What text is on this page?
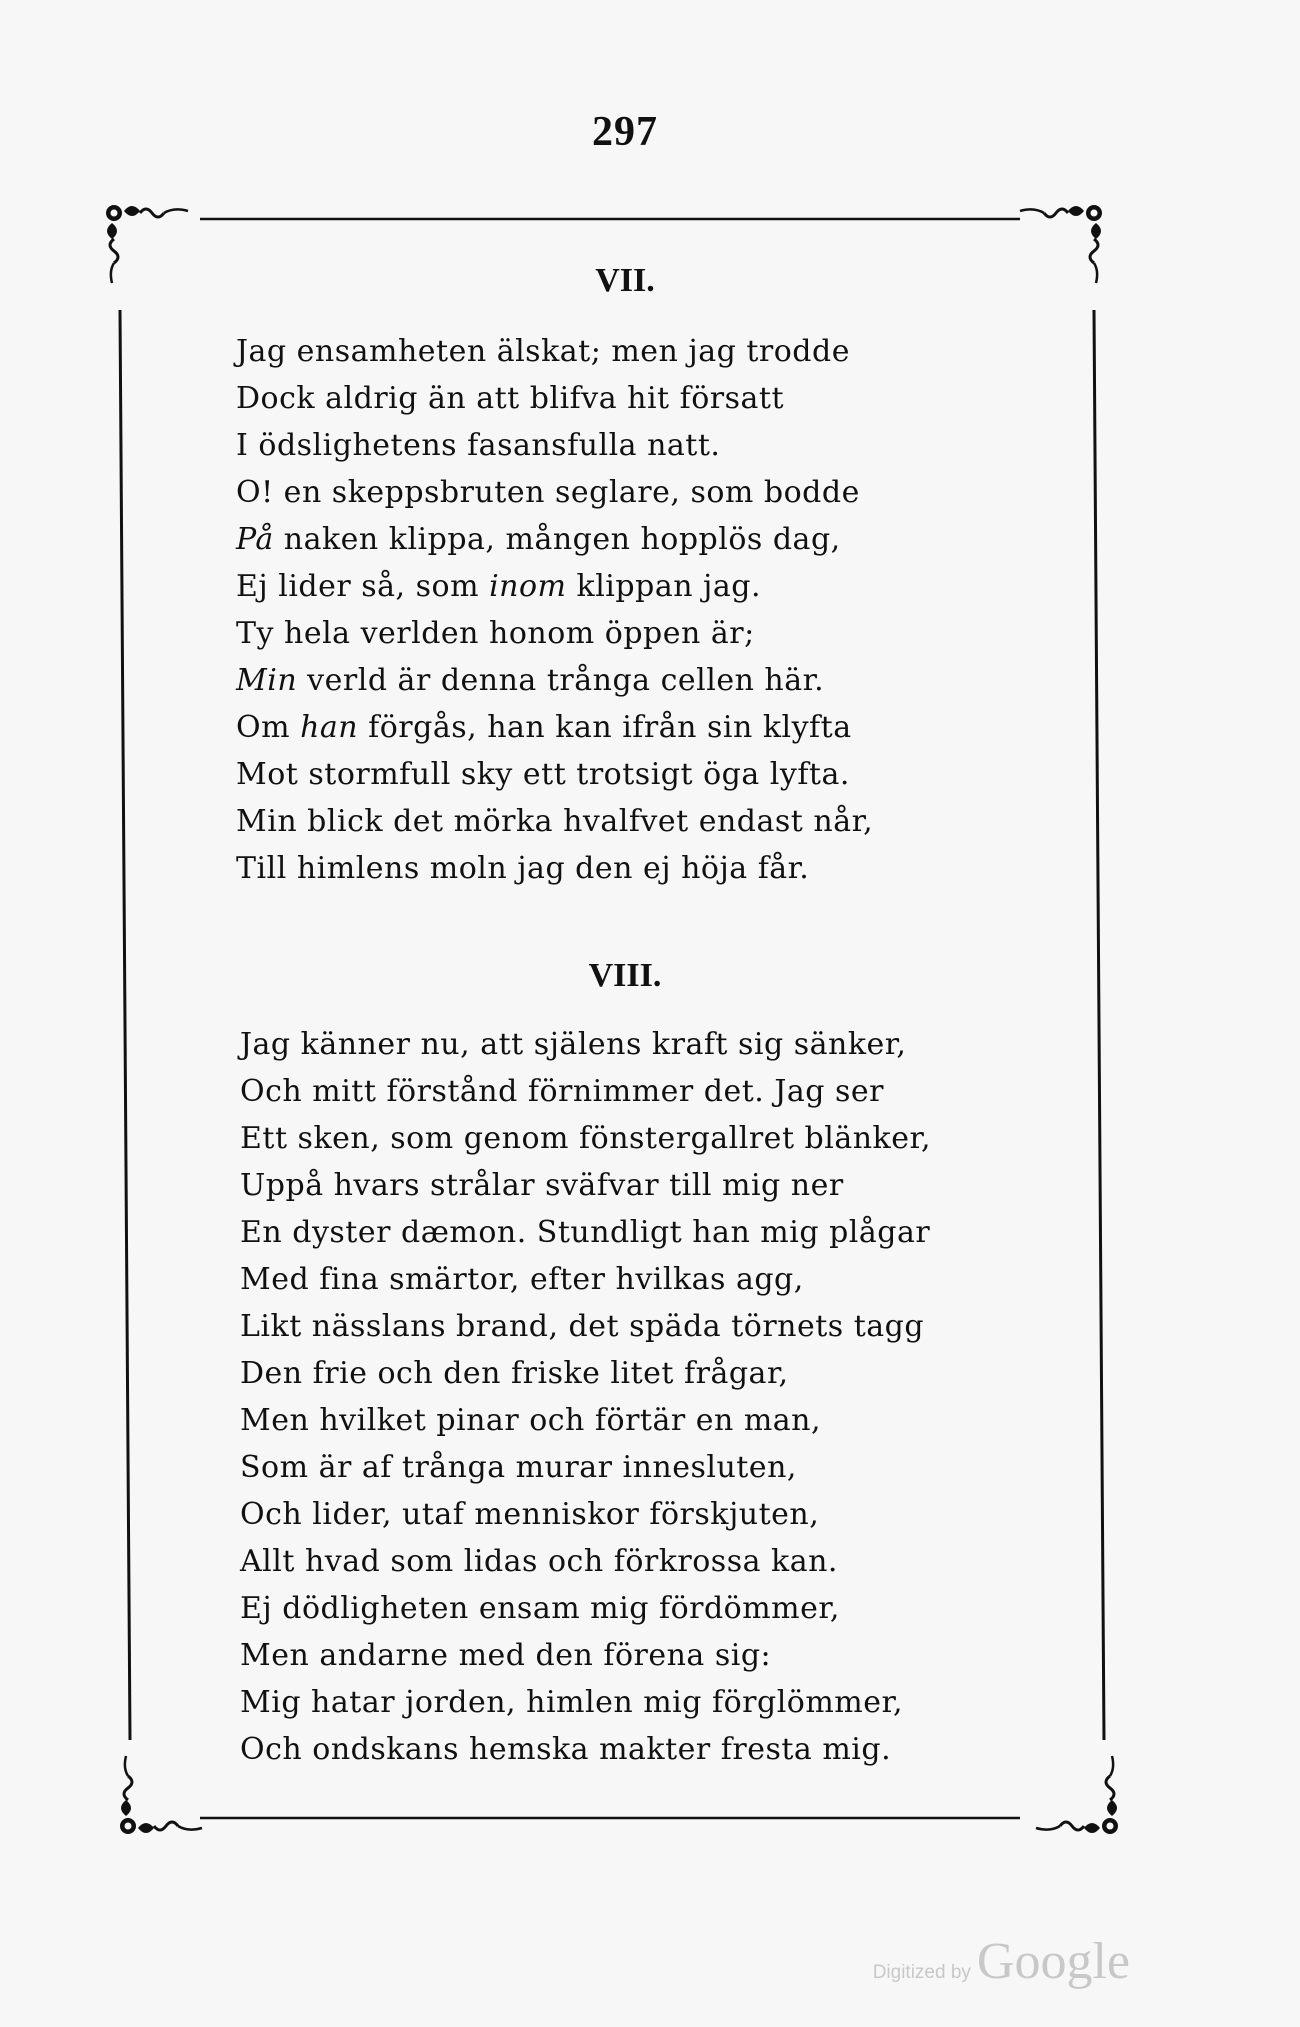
297
VII.
Jag ensamheten älskat; men jag trodde
Dock aldrig än att blifva hit försatt
I ödslighetens fasansfulla natt.
O! en skeppsbruten seglare, som bodde
På naken klippa, mången hopplös dag,
Ej lider så, som inom klippan jag.
Ty hela verlden honom öppen är;
Min verld är denna trånga cellen här.
Om han förgås, han kan ifrån sin klyfta
Mot stormfull sky ett trotsigt öga lyfta.
Min blick det mörka hvalfvet endast når,
Till himlens moln jag den ej höja får.
VIII.
Jag känner nu, att själens kraft sig sänker,
Och mitt förstånd förnimmer det. Jag ser
Ett sken, som genom fönstergallret blänker,
Uppå hvars strålar sväfvar till mig ner
En dyster dæmon. Stundligt han mig plågar
Med fina smärtor, efter hvilkas agg,
Likt nässlans brand, det späda törnets tagg
Den frie och den friske litet frågar,
Men hvilket pinar och förtär en man,
Som är af trånga murar innesluten,
Och lider, utaf menniskor förskjuten,
Allt hvad som lidas och förkrossa kan.
Ej dödligheten ensam mig fördömmer,
Men andarne med den förena sig:
Mig hatar jorden, himlen mig förglömmer,
Och ondskans hemska makter fresta mig.
Digitized by Google
